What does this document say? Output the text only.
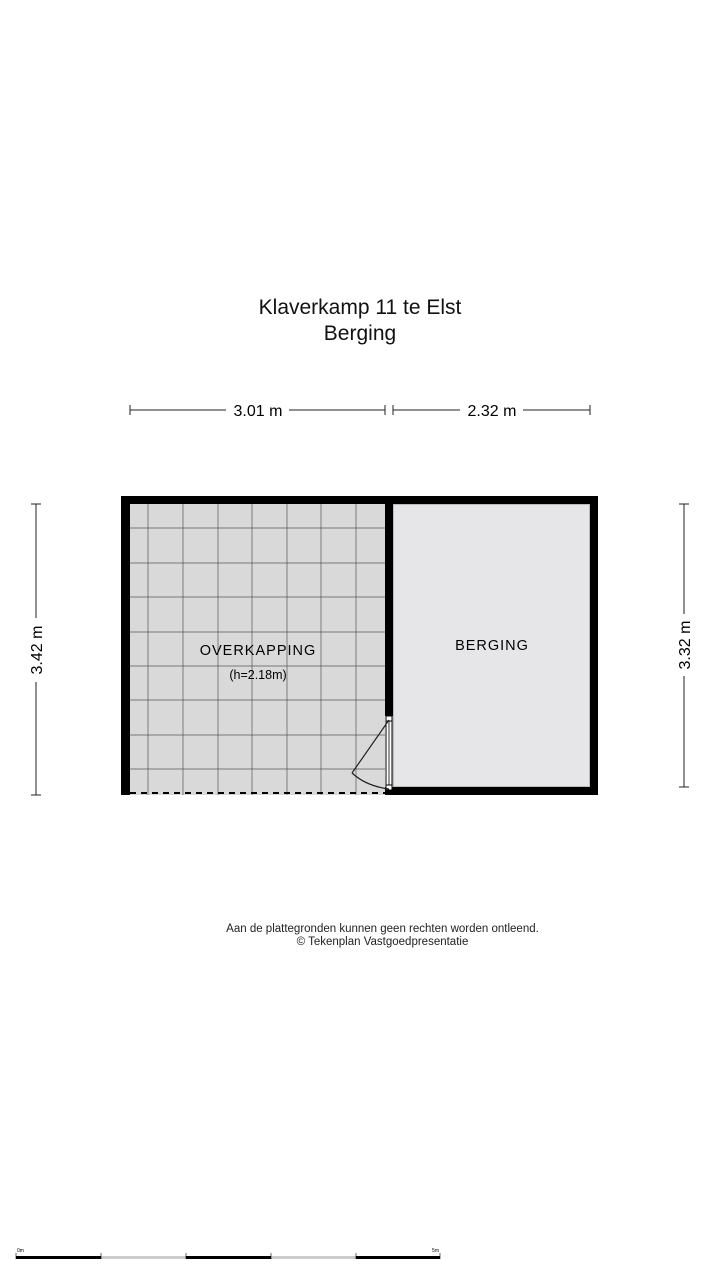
Klaverkamp 11 te Elst
Berging
3.01 m	2.32 m
3.42 m	3.32 m
OVERKAPPING
(h=2.18m)
BERGING
0m	5m
Aan de plattegronden kunnen geen rechten worden ontleend.
© Tekenplan Vastgoedpresentatie
